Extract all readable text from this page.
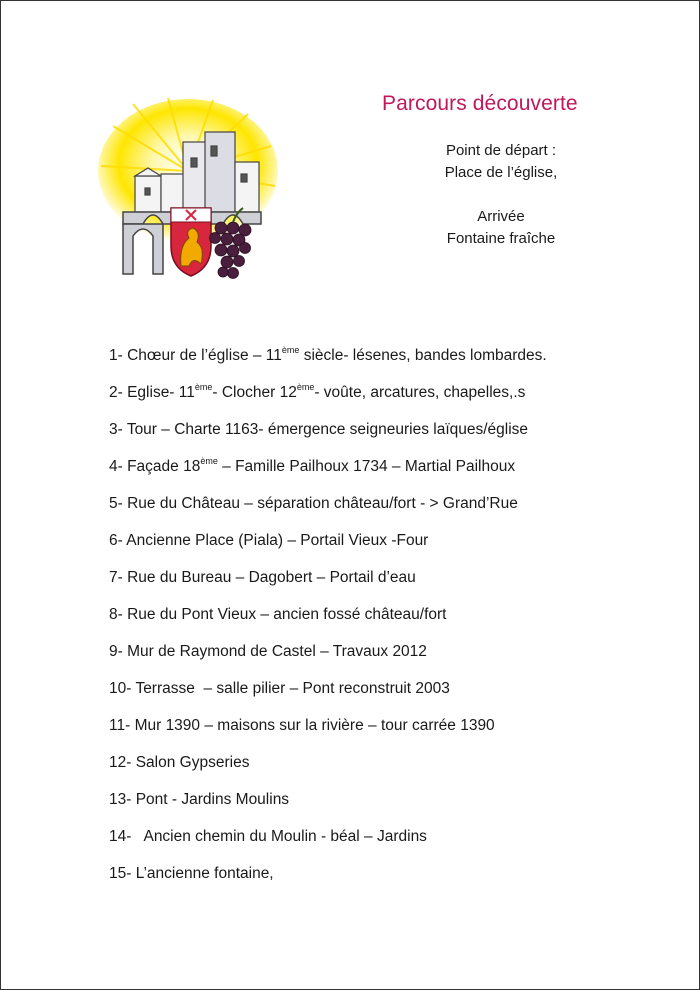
Parcours découverte
Point de départ :
Place de l’église,
Arrivée
Fontaine fraîche
1- Chœur de l’église – 11ème siècle- lésenes, bandes lombardes.
2- Eglise- 11ème- Clocher 12ème- voûte, arcatures, chapelles,.s
3- Tour – Charte 1163- émergence seigneuries laïques/église
4- Façade 18ème – Famille Pailhoux 1734 – Martial Pailhoux
5- Rue du Château – séparation château/fort - > Grand’Rue
6- Ancienne Place (Piala) – Portail Vieux -Four
7- Rue du Bureau – Dagobert – Portail d’eau
8- Rue du Pont Vieux – ancien fossé château/fort
9- Mur de Raymond de Castel – Travaux 2012
10- Terrasse  – salle pilier – Pont reconstruit 2003
11- Mur 1390 – maisons sur la rivière – tour carrée 1390
12- Salon Gypseries
13- Pont - Jardins Moulins
14-   Ancien chemin du Moulin - béal – Jardins
15- L’ancienne fontaine,
